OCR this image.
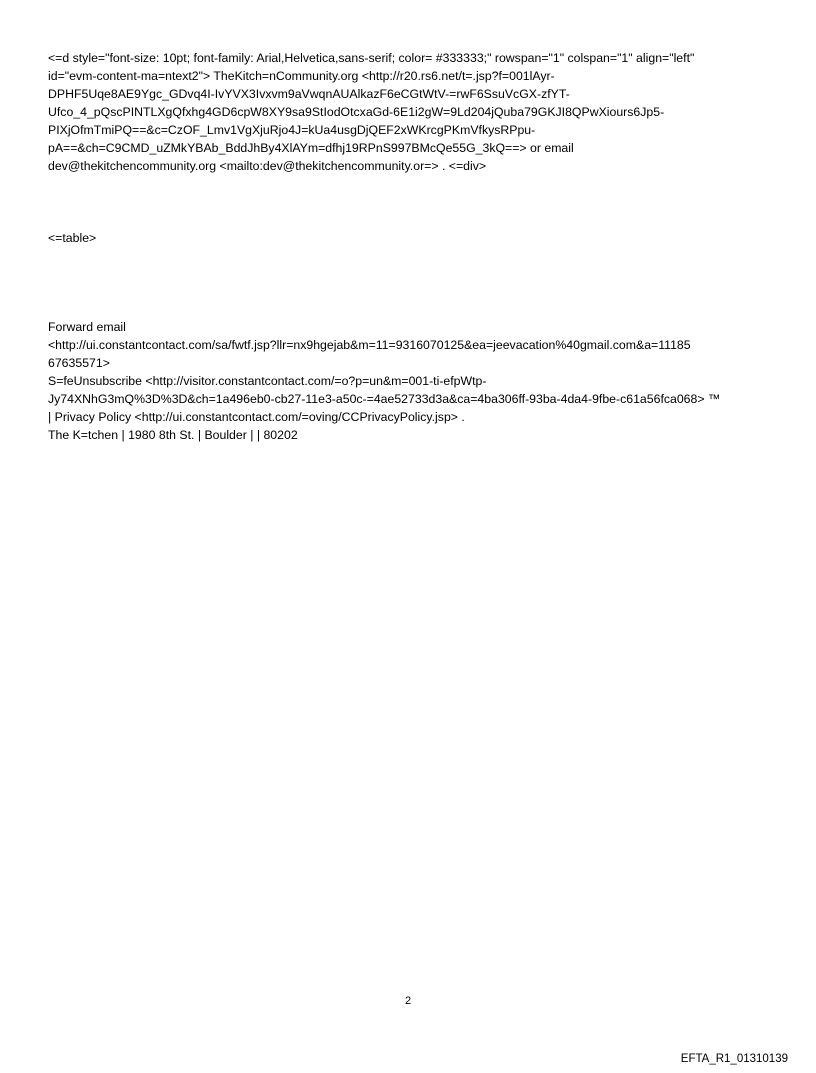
<=d style="font-size: 10pt; font-family: Arial,Helvetica,sans-serif; color= #333333;" rowspan="1" colspan="1" align="left"

id="evm-content-ma=ntext2"> TheKitch=nCommunity.org <http://r20.rs6.net/t=.jsp?f=001lAyr-

DPHF5Uqe8AE9Ygc_GDvq4I-IvYVX3Ivxvm9aVwqnAUAlkazF6eCGtWtV-=rwF6SsuVcGX-zfYT-

Ufco_4_pQscPINTLXgQfxhg4GD6cpW8XY9sa9StIodOtcxaGd-6E1i2gW=9Ld204jQuba79GKJI8QPwXiours6Jp5-

PIXjOfmTmiPQ==&c=CzOF_Lmv1VgXjuRjo4J=kUa4usgDjQEF2xWKrcgPKmVfkysRPpu-

pA==&ch=C9CMD_uZMkYBAb_BddJhBy4XlAYm=dfhj19RPnS997BMcQe55G_3kQ==> or email

dev@thekitchencommunity.org <mailto:dev@thekitchencommunity.or=> . <=div>

<=table>

Forward email

<http://ui.constantcontact.com/sa/fwtf.jsp?llr=nx9hgejab&m=11=9316070125&ea=jeevacation%40gmail.com&a=11185

67635571>

S=feUnsubscribe <http://visitor.constantcontact.com/=o?p=un&m=001-ti-efpWtp-

Jy74XNhG3mQ%3D%3D&ch=1a496eb0-cb27-11e3-a50c-=4ae52733d3a&ca=4ba306ff-93ba-4da4-9fbe-c61a56fca068> ™

| Privacy Policy <http://ui.constantcontact.com/=oving/CCPrivacyPolicy.jsp> .

The K=tchen | 1980 8th St. | Boulder | | 80202

2

EFTA_R1_01310139
